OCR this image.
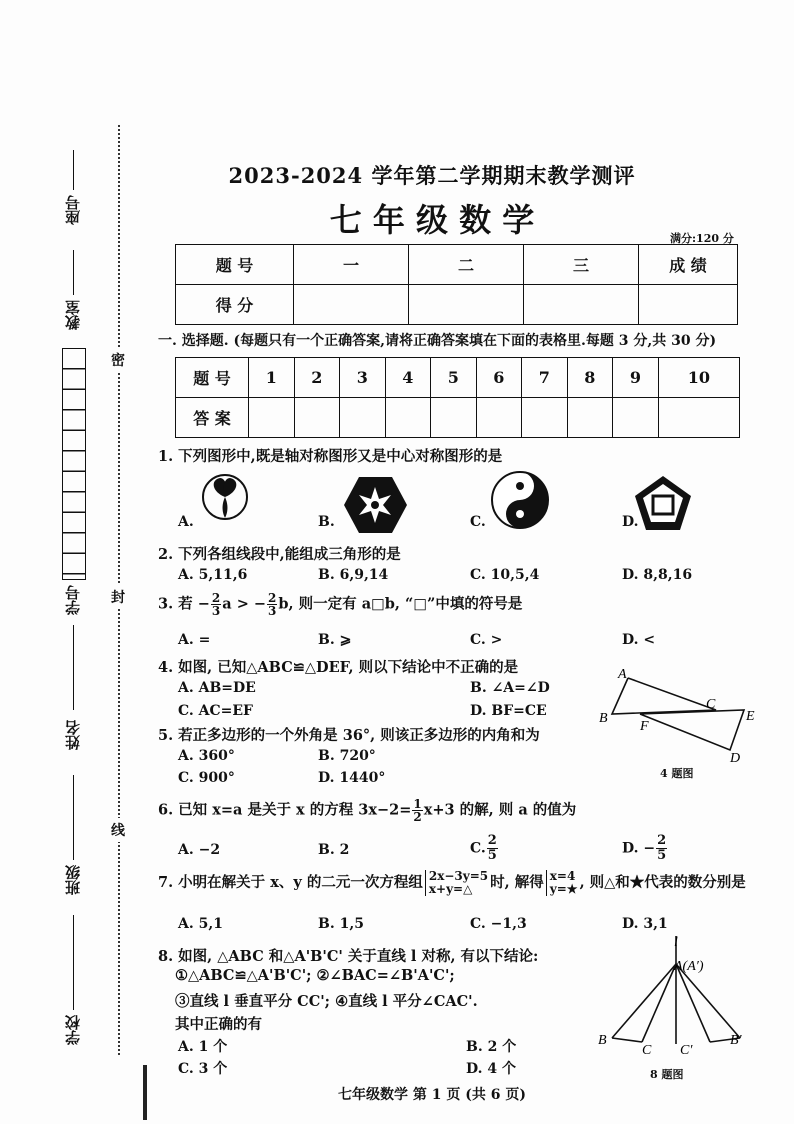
座号
教室
学号
姓名
班级
学校
密
封
线
2023-2024 学年第二学期期末教学测评
七 年 级 数 学	满分:120 分
题 号	一	二	三	成 绩
得 分				
一. 选择题. (每题只有一个正确答案,请将正确答案填在下面的表格里.每题 3 分,共 30 分)
题 号	1	2	3	4	5	6	7	8	9	10
答 案										
1. 下列图形中,既是轴对称图形又是中心对称图形的是
A.	B.	C.	D.
2. 下列各组线段中,能组成三角形的是
A. 5,11,6	B. 6,9,14	C. 10,5,4	D. 8,8,16
3. 若 − $\frac{2}{3}$ a > − $\frac{2}{3} b$, 则一定有 a□b, “□”中填的符号是
A. =	B. ⩾	C. >	D. <
4. 如图, 已知△ABC≌△DEF, 则以下结论中不正确的是
A. AB=DE	B. ∠A=∠D
C. AC=EF	D. BF=CE
A
B
C
F
E
D
4 题图
5. 若正多边形的一个外角是 36°, 则该正多边形的内角和为
A. 360°	B. 720°
C. 900°	D. 1440°
6. 已知 x=a 是关于 x 的方程 $3x-2= \frac{1}{2} x+3$ 的解, 则 a 的值为
A. −2	B. 2	C. $\frac{2}{5}$	D. − $\frac{2}{5}$
7. 小明在解关于 x、y 的二元一次方程组 2x−3y=5
x+y=△ 时, 解得 x=4
y=★ , 则△和★代表的数分别是
A. 5,1	B. 1,5	C. −1,3	D. 3,1
8. 如图, △ABC 和△A'B'C' 关于直线 l 对称, 有以下结论:
①△ABC≌△A'B'C'; ②∠BAC=∠B'A'C';
③直线 l 垂直平分 CC'; ④直线 l 平分∠CAC'.
其中正确的有
A. 1 个	B. 2 个
C. 3 个	D. 4 个
l
A(A′)
B
C C′
B′
8 题图
七年级数学 第 1 页 (共 6 页)
